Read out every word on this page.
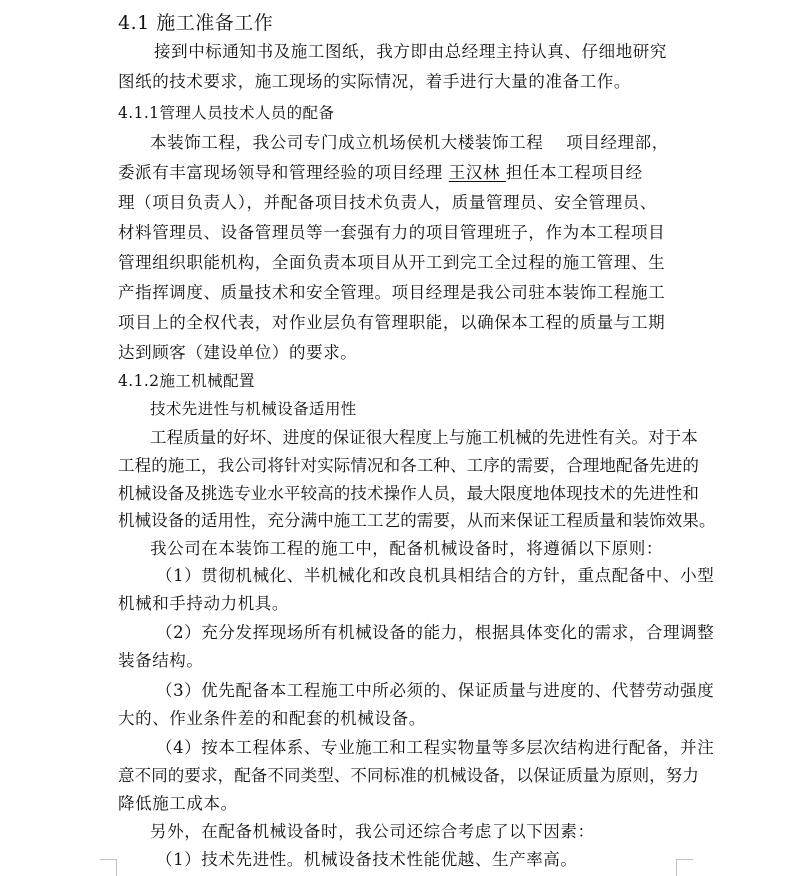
4.1 施工准备工作
接到中标通知书及施工图纸，我方即由总经理主持认真、仔细地研究
图纸的技术要求，施工现场的实际情况，着手进行大量的准备工作。
4.1.1管理人员技术人员的配备
本装饰工程，我公司专门成立机场侯机大楼装饰工程　 项目经理部，
委派有丰富现场领导和管理经验的项目经理 王汉林 担任本工程项目经
理（项目负责人），并配备项目技术负责人，质量管理员、安全管理员、
材料管理员、设备管理员等一套强有力的项目管理班子，作为本工程项目
管理组织职能机构，全面负责本项目从开工到完工全过程的施工管理、生
产指挥调度、质量技术和安全管理。项目经理是我公司驻本装饰工程施工
项目上的全权代表，对作业层负有管理职能，以确保本工程的质量与工期
达到顾客（建设单位）的要求。
4.1.2施工机械配置
技术先进性与机械设备适用性
工程质量的好坏、进度的保证很大程度上与施工机械的先进性有关。对于本
工程的施工，我公司将针对实际情况和各工种、工序的需要，合理地配备先进的
机械设备及挑选专业水平较高的技术操作人员，最大限度地体现技术的先进性和
机械设备的适用性，充分满中施工工艺的需要，从而来保证工程质量和装饰效果。
我公司在本装饰工程的施工中，配备机械设备时，将遵循以下原则：
（1）贯彻机械化、半机械化和改良机具相结合的方针，重点配备中、小型
机械和手持动力机具。
（2）充分发挥现场所有机械设备的能力，根据具体变化的需求，合理调整
装备结构。
（3）优先配备本工程施工中所必须的、保证质量与进度的、代替劳动强度
大的、作业条件差的和配套的机械设备。
（4）按本工程体系、专业施工和工程实物量等多层次结构进行配备，并注
意不同的要求，配备不同类型、不同标准的机械设备，以保证质量为原则，努力
降低施工成本。
另外，在配备机械设备时，我公司还综合考虑了以下因素：
（1）技术先进性。机械设备技术性能优越、生产率高。
